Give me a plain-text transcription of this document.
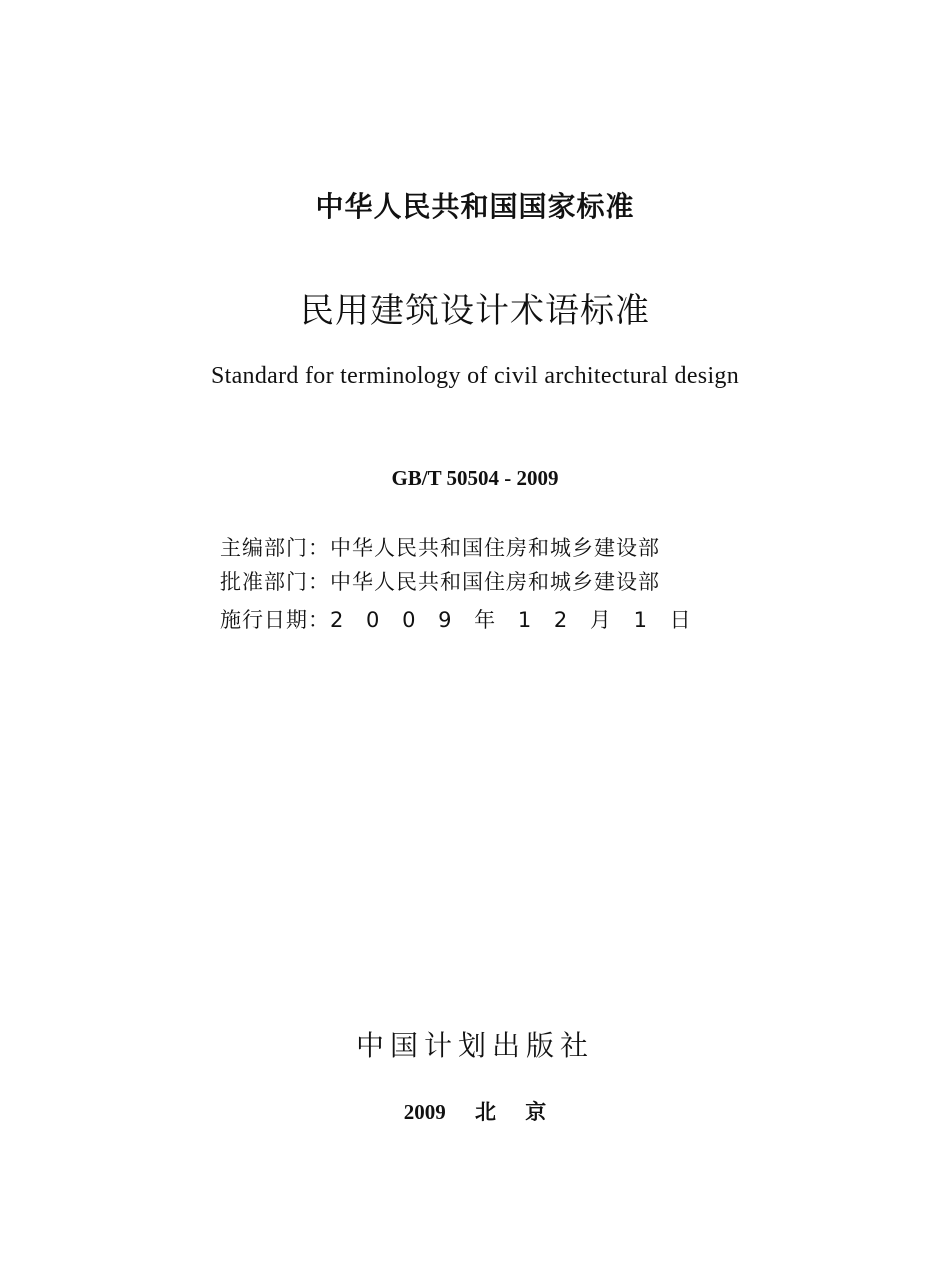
中华人民共和国国家标准
民用建筑设计术语标准
Standard for terminology of civil architectural design
GB/T 50504 - 2009
主编部门：中华人民共和国住房和城乡建设部
批准部门：中华人民共和国住房和城乡建设部
施行日期：2 0 0 9 年 1 2 月 1 日
中国计划出版社
2009 北 京
